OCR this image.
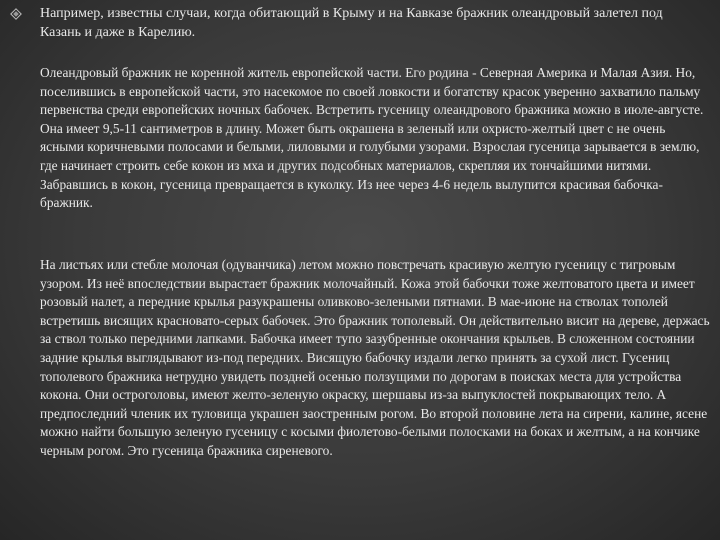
Например, известны случаи, когда обитающий в Крыму и на Кавказе бражник олеандровый залетел под Казань и даже в Карелию.

Олеандровый бражник не коренной житель европейской части. Его родина - Северная Америка и Малая Азия. Но, поселившись в европейской части, это насекомое по своей ловкости и богатству красок уверенно захватило пальму первенства среди европейских ночных бабочек. Встретить гусеницу олеандрового бражника можно в июле-августе. Она имеет 9,5-11 сантиметров в длину. Может быть окрашена в зеленый или охристо-желтый цвет с не очень ясными коричневыми полосами и белыми, лиловыми и голубыми узорами. Взрослая гусеница зарывается в землю, где начинает строить себе кокон из мха и других подсобных материалов, скрепляя их тончайшими нитями. Забравшись в кокон, гусеница превращается в куколку. Из нее через 4-6 недель вылупится красивая бабочка-бражник.

На листьях или стебле молочая (одуванчика) летом можно повстречать красивую желтую гусеницу с тигровым узором. Из неё впоследствии вырастает бражник молочайный. Кожа этой бабочки тоже желтоватого цвета и имеет розовый налет, а передние крылья разукрашены оливково-зелеными пятнами. В мае-июне на стволах тополей встретишь висящих красновато-серых бабочек. Это бражник тополевый. Он действительно висит на дереве, держась за ствол только передними лапками. Бабочка имеет тупо зазубренные окончания крыльев. В сложенном состоянии задние крылья выглядывают из-под передних. Висящую бабочку издали легко принять за сухой лист. Гусениц тополевого бражника нетрудно увидеть поздней осенью ползущими по дорогам в поисках места для устройства кокона. Они остроголовы, имеют желто-зеленую окраску, шершавы из-за выпуклостей покрывающих тело. А предпоследний членик их туловища украшен заостренным рогом. Во второй половине лета на сирени, калине, ясене можно найти большую зеленую гусеницу с косыми фиолетово-белыми полосками на боках и желтым, а на кончике черным рогом. Это гусеница бражника сиреневого.
